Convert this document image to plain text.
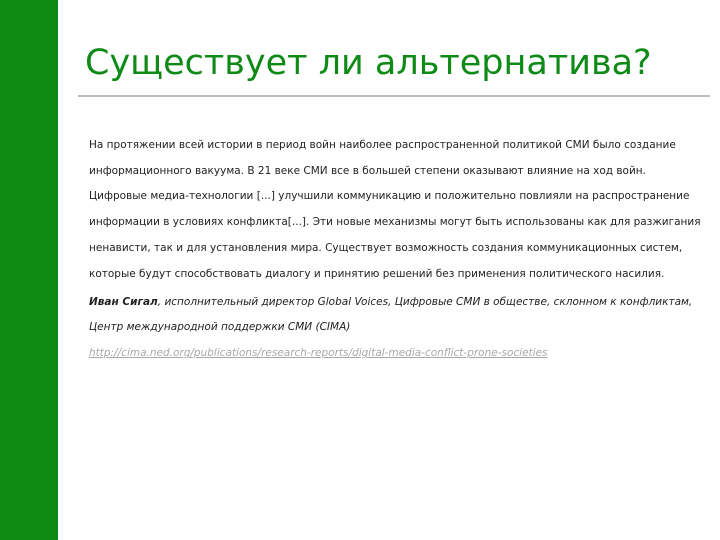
Существует ли альтернатива?

На протяжении всей истории в период войн наиболее распространенной политикой СМИ было создание информационного вакуума. В 21 веке СМИ все в большей степени оказывают влияние на ход войн. Цифровые медиа-технологии [...] улучшили коммуникацию и положительно повлияли на распространение информации в условиях конфликта[...]. Эти новые механизмы могут быть использованы как для разжигания ненависти, так и для установления мира. Существует возможность создания коммуникационных систем, которые будут способствовать диалогу и принятию решений без применения политического насилия.

Иван Сигал, исполнительный директор Global Voices, Цифровые СМИ в обществе, склонном к конфликтам, Центр международной поддержки СМИ (CIMA)

http://cima.ned.org/publications/research-reports/digital-media-conflict-prone-societies
